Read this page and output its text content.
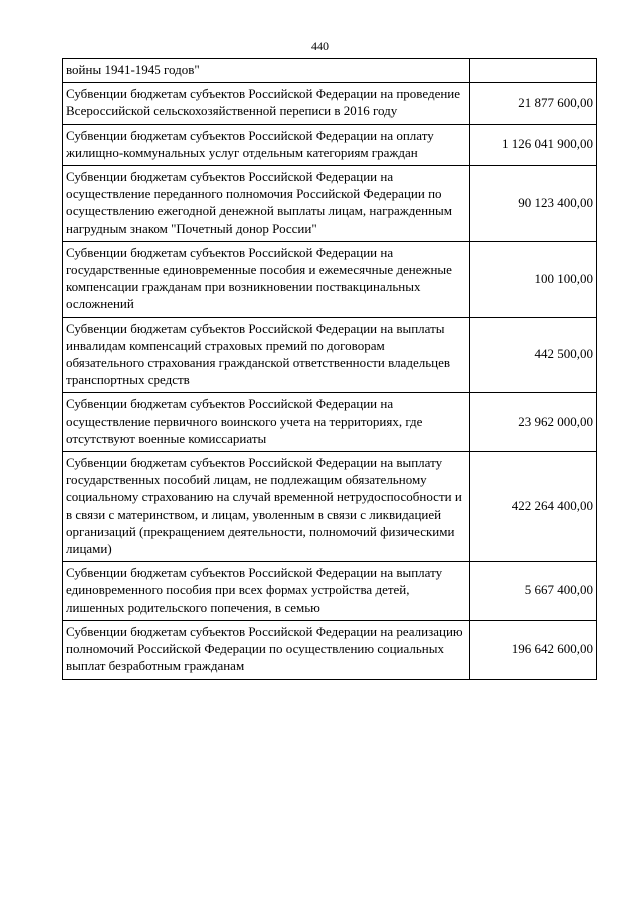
440
войны 1941-1945 годов"	
Субвенции бюджетам субъектов Российской Федерации на проведение Всероссийской сельскохозяйственной переписи в 2016 году	21 877 600,00
Субвенции бюджетам субъектов Российской Федерации на оплату жилищно-коммунальных услуг отдельным категориям граждан	1 126 041 900,00
Субвенции бюджетам субъектов Российской Федерации на осуществление переданного полномочия Российской Федерации по осуществлению ежегодной денежной выплаты лицам, награжденным нагрудным знаком "Почетный донор России"	90 123 400,00
Субвенции бюджетам субъектов Российской Федерации на государственные единовременные пособия и ежемесячные денежные компенсации гражданам при возникновении поствакцинальных осложнений	100 100,00
Субвенции бюджетам субъектов Российской Федерации на выплаты инвалидам компенсаций страховых премий по договорам обязательного страхования гражданской ответственности владельцев транспортных средств	442 500,00
Субвенции бюджетам субъектов Российской Федерации на осуществление первичного воинского учета на территориях, где отсутствуют военные комиссариаты	23 962 000,00
Субвенции бюджетам субъектов Российской Федерации на выплату государственных пособий лицам, не подлежащим обязательному социальному страхованию на случай временной нетрудоспособности и в связи с материнством, и лицам, уволенным в связи с ликвидацией организаций (прекращением деятельности, полномочий физическими лицами)	422 264 400,00
Субвенции бюджетам субъектов Российской Федерации на выплату единовременного пособия при всех формах устройства детей, лишенных родительского попечения, в семью	5 667 400,00
Субвенции бюджетам субъектов Российской Федерации на реализацию полномочий Российской Федерации по осуществлению социальных выплат безработным гражданам	196 642 600,00
